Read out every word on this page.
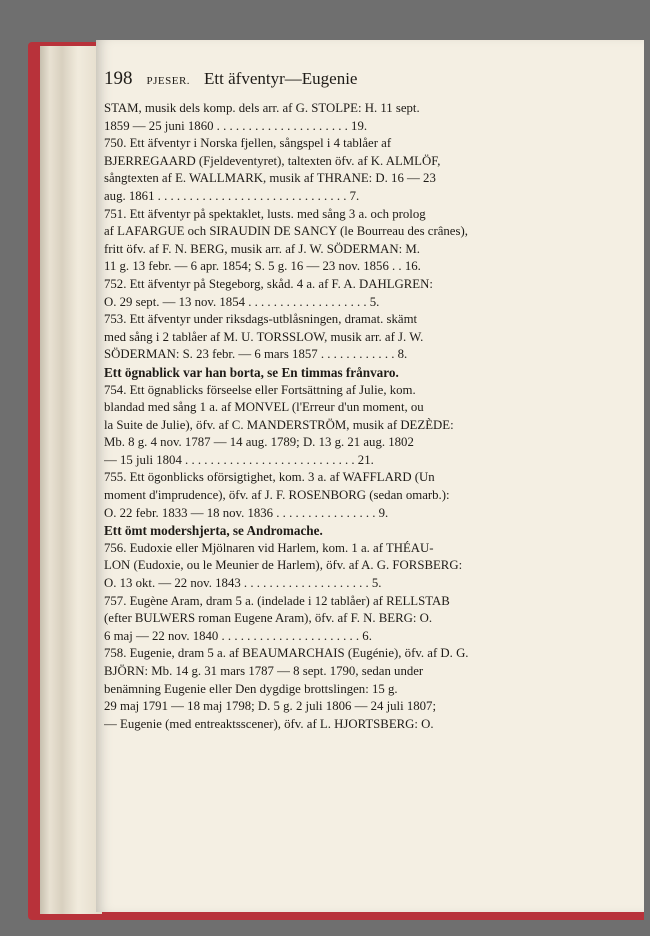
198 PJESER. Ett äfventyr—Eugenie

STAM, musik dels komp. dels arr. af G. STOLPE: H. 11 sept.

1859 — 25 juni 1860 . . . . . . . . . . . . . . . . . . . . . 19.

750. Ett äfventyr i Norska fjellen, sångspel i 4 tablåer af

BJERREGAARD (Fjeldeventyret), taltexten öfv. af K. ALMLÖF,

sångtexten af E. WALLMARK, musik af THRANE: D. 16 — 23

aug. 1861 . . . . . . . . . . . . . . . . . . . . . . . . . . . . . . 7.

751. Ett äfventyr på spektaklet, lusts. med sång 3 a. och prolog

af LAFARGUE och SIRAUDIN DE SANCY (le Bourreau des crânes),

fritt öfv. af F. N. BERG, musik arr. af J. W. SÖDERMAN: M.

11 g. 13 febr. — 6 apr. 1854; S. 5 g. 16 — 23 nov. 1856 . . 16.

752. Ett äfventyr på Stegeborg, skåd. 4 a. af F. A. DAHLGREN:

O. 29 sept. — 13 nov. 1854 . . . . . . . . . . . . . . . . . . . 5.

753. Ett äfventyr under riksdags-utblåsningen, dramat. skämt

med sång i 2 tablåer af M. U. TORSSLOW, musik arr. af J. W.

SÖDERMAN: S. 23 febr. — 6 mars 1857 . . . . . . . . . . . . 8.

Ett ögnablick var han borta, se En timmas frånvaro.

754. Ett ögnablicks förseelse eller Fortsättning af Julie, kom.

blandad med sång 1 a. af MONVEL (l'Erreur d'un moment, ou

la Suite de Julie), öfv. af C. MANDERSTRÖM, musik af DEZÈDE:

Mb. 8 g. 4 nov. 1787 — 14 aug. 1789; D. 13 g. 21 aug. 1802

— 15 juli 1804 . . . . . . . . . . . . . . . . . . . . . . . . . . . 21.

755. Ett ögonblicks oförsigtighet, kom. 3 a. af WAFFLARD (Un

moment d'imprudence), öfv. af J. F. ROSENBORG (sedan omarb.):

O. 22 febr. 1833 — 18 nov. 1836 . . . . . . . . . . . . . . . . 9.

Ett ömt modershjerta, se Andromache.

756. Eudoxie eller Mjölnaren vid Harlem, kom. 1 a. af THÉAU-

LON (Eudoxie, ou le Meunier de Harlem), öfv. af A. G. FORSBERG:

O. 13 okt. — 22 nov. 1843 . . . . . . . . . . . . . . . . . . . . 5.

757. Eugène Aram, dram 5 a. (indelade i 12 tablåer) af RELLSTAB

(efter BULWERS roman Eugene Aram), öfv. af F. N. BERG: O.

6 maj — 22 nov. 1840 . . . . . . . . . . . . . . . . . . . . . . 6.

758. Eugenie, dram 5 a. af BEAUMARCHAIS (Eugénie), öfv. af D. G.

BJÖRN: Mb. 14 g. 31 mars 1787 — 8 sept. 1790, sedan under

benämning Eugenie eller Den dygdige brottslingen: 15 g.

29 maj 1791 — 18 maj 1798; D. 5 g. 2 juli 1806 — 24 juli 1807;

— Eugenie (med entreaktsscener), öfv. af L. HJORTSBERG: O.
